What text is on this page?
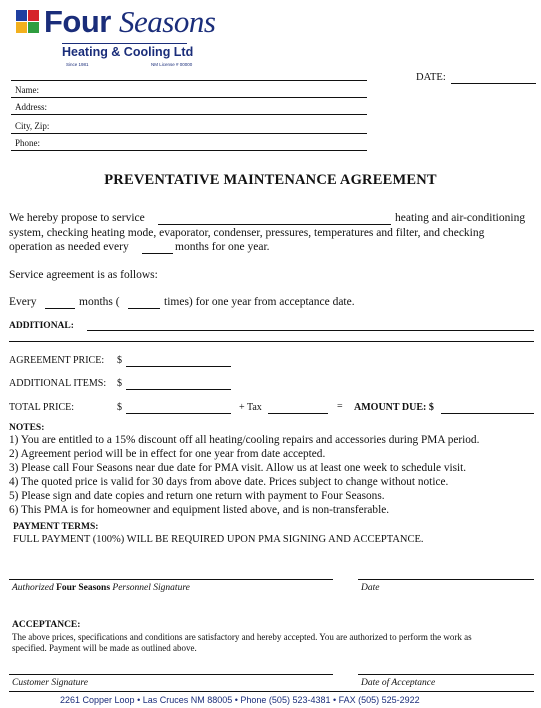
Four Seasons
Heating & Cooling Ltd
Since 1981	NM License # 00000
DATE:
Name:
Address:
City, Zip:
Phone:
PREVENTATIVE MAINTENANCE AGREEMENT
We hereby propose to service	heating and air-conditioning
system, checking heating mode, evaporator, condenser, pressures, temperatures and filter, and checking
operation as needed every	months for one year.
Service agreement is as follows:
Every	months (	times) for one year from acceptance date.
ADDITIONAL:
AGREEMENT PRICE: $
ADDITIONAL ITEMS: $
TOTAL PRICE:	$	+ Tax	= AMOUNT DUE: $
NOTES:
1) You are entitled to a 15% discount off all heating/cooling repairs and accessories during PMA period.
2) Agreement period will be in effect for one year from date accepted.
3) Please call Four Seasons near due date for PMA visit. Allow us at least one week to schedule visit.
4) The quoted price is valid for 30 days from above date. Prices subject to change without notice.
5) Please sign and date copies and return one return with payment to Four Seasons.
6) This PMA is for homeowner and equipment listed above, and is non-transferable.
PAYMENT TERMS:
FULL PAYMENT (100%) WILL BE REQUIRED UPON PMA SIGNING AND ACCEPTANCE.
Authorized Four Seasons Personnel Signature	Date
ACCEPTANCE:
The above prices, specifications and conditions are satisfactory and hereby accepted. You are authorized to perform the work as
specified. Payment will be made as outlined above.
Customer Signature	Date of Acceptance
2261 Copper Loop • Las Cruces NM 88005 • Phone (505) 523-4381 • FAX (505) 525-2922
